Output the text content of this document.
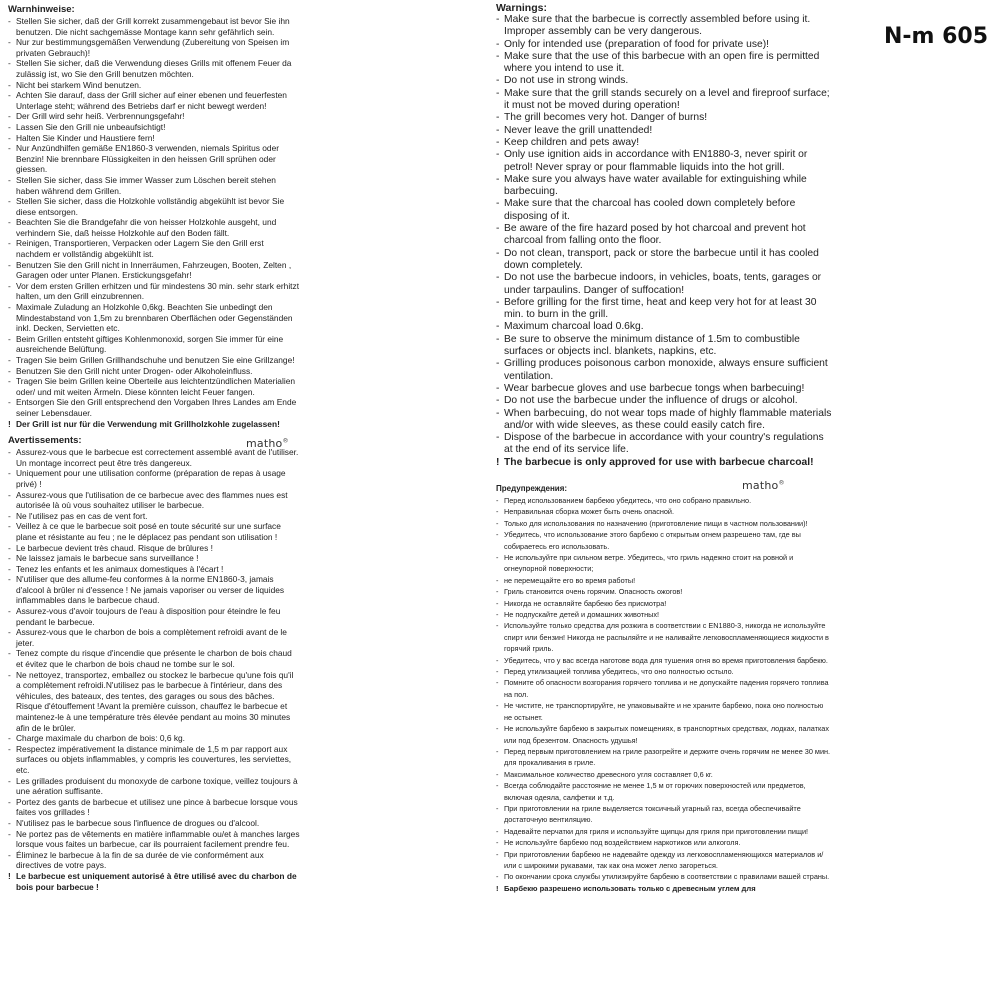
N-m 605

Warnhinweise:

- Stellen Sie sicher, daß der Grill korrekt zusammengebaut ist bevor Sie ihn benutzen. Die nicht sachgemässe Montage kann sehr gefährlich sein.
- Nur zur bestimmungsgemäßen Verwendung (Zubereitung von Speisen im privaten Gebrauch)!
- Stellen Sie sicher, daß die Verwendung dieses Grills mit offenem Feuer da zulässig ist, wo Sie den Grill benutzen möchten.
- Nicht bei starkem Wind benutzen.
- Achten Sie darauf, dass der Grill sicher auf einer ebenen und feuerfesten Unterlage steht; während des Betriebs darf er nicht bewegt werden!
- Der Grill wird sehr heiß. Verbrennungsgefahr!
- Lassen Sie den Grill nie unbeaufsichtigt!
- Halten Sie Kinder und Haustiere fern!
- Nur Anzündhilfen gemäße EN1860-3 verwenden, niemals Spiritus oder Benzin! Nie brennbare Flüssigkeiten in den heissen Grill sprühen oder giessen.
- Stellen Sie sicher, dass Sie immer Wasser zum Löschen bereit stehen haben während dem Grillen.
- Stellen Sie sicher, dass die Holzkohle vollständig abgekühlt ist bevor Sie diese entsorgen.
- Beachten Sie die Brandgefahr die von heisser Holzkohle ausgeht, und verhindern Sie, daß heisse Holzkohle auf den Boden fällt.
- Reinigen, Transportieren, Verpacken oder Lagern Sie den Grill erst nachdem er vollständig abgekühlt ist.
- Benutzen Sie den Grill nicht in Innerräumen, Fahrzeugen, Booten, Zelten , Garagen oder unter Planen. Erstickungsgefahr!
- Vor dem ersten Grillen erhitzen und für mindestens 30 min. sehr stark erhitzt halten, um den Grill einzubrennen.
- Maximale Zuladung an Holzkohle 0,6kg. Beachten Sie unbedingt den Mindestabstand von 1,5m zu brennbaren Oberflächen oder Gegenständen inkl. Decken, Servietten etc.
- Beim Grillen entsteht giftiges Kohlenmonoxid, sorgen Sie immer für eine ausreichende Belüftung.
- Tragen Sie beim Grillen Grillhandschuhe und benutzen Sie eine Grillzange!
- Benutzen Sie den Grill nicht unter Drogen- oder Alkoholeinfluss.
- Tragen Sie beim Grillen keine Oberteile aus leichtentzündlichen Materialien oder/ und mit weiten Ärmeln. Diese könnten leicht Feuer fangen.
- Entsorgen Sie den Grill entsprechend den Vorgaben Ihres Landes am Ende seiner Lebensdauer.
! Der Grill ist nur für die Verwendung mit Grillholzkohle zugelassen!

Avertissements:	matho®
- Assurez-vous que le barbecue est correctement assemblé avant de l'utiliser. Un montage incorrect peut être très dangereux.
- Uniquement pour une utilisation conforme (préparation de repas à usage privé) !
- Assurez-vous que l'utilisation de ce barbecue avec des flammes nues est autorisée là où vous souhaitez utiliser le barbecue.
- Ne l'utilisez pas en cas de vent fort.
- Veillez à ce que le barbecue soit posé en toute sécurité sur une surface plane et résistante au feu ; ne le déplacez pas pendant son utilisation !
- Le barbecue devient très chaud. Risque de brûlures !
- Ne laissez jamais le barbecue sans surveillance !
- Tenez les enfants et les animaux domestiques à l'écart !
- N'utiliser que des allume-feu conformes à la norme EN1860-3, jamais d'alcool à brûler ni d'essence ! Ne jamais vaporiser ou verser de liquides inflammables dans le barbecue chaud.
- Assurez-vous d'avoir toujours de l'eau à disposition pour éteindre le feu pendant le barbecue.
- Assurez-vous que le charbon de bois a complètement refroidi avant de le jeter.
- Tenez compte du risque d'incendie que présente le charbon de bois chaud et évitez que le charbon de bois chaud ne tombe sur le sol.
- Ne nettoyez, transportez, emballez ou stockez le barbecue qu'une fois qu'il a complètement refroidi.N'utilisez pas le barbecue à l'intérieur, dans des véhicules, des bateaux, des tentes, des garages ou sous des bâches. Risque d'étouffement !Avant la première cuisson, chauffez le barbecue et maintenez-le à une température très élevée pendant au moins 30 minutes afin de le brûler.
- Charge maximale du charbon de bois: 0,6 kg.
- Respectez impérativement la distance minimale de 1,5 m par rapport aux surfaces ou objets inflammables, y compris les couvertures, les serviettes, etc.
- Les grillades produisent du monoxyde de carbone toxique, veillez toujours à une aération suffisante.
- Portez des gants de barbecue et utilisez une pince à barbecue lorsque vous faites vos grillades !
- N'utilisez pas le barbecue sous l'influence de drogues ou d'alcool.
- Ne portez pas de vêtements en matière inflammable ou/et à manches larges lorsque vous faites un barbecue, car ils pourraient facilement prendre feu.
- Éliminez le barbecue à la fin de sa durée de vie conformément aux directives de votre pays.
! Le barbecue est uniquement autorisé à être utilisé avec du charbon de bois pour barbecue !

Warnings:

- Make sure that the barbecue is correctly assembled before using it. Improper assembly can be very dangerous.
- Only for intended use (preparation of food for private use)!
- Make sure that the use of this barbecue with an open fire is permitted where you intend to use it.
- Do not use in strong winds.
- Make sure that the grill stands securely on a level and fireproof surface; it must not be moved during operation!
- The grill becomes very hot. Danger of burns!
- Never leave the grill unattended!
- Keep children and pets away!
- Only use ignition aids in accordance with EN1880-3, never spirit or petrol! Never spray or pour flammable liquids into the hot grill.
- Make sure you always have water available for extinguishing while barbecuing.
- Make sure that the charcoal has cooled down completely before disposing of it.
- Be aware of the fire hazard posed by hot charcoal and prevent hot charcoal from falling onto the floor.
- Do not clean, transport, pack or store the barbecue until it has cooled down completely.
- Do not use the barbecue indoors, in vehicles, boats, tents, garages or under tarpaulins. Danger of suffocation!
- Before grilling for the first time, heat and keep very hot for at least 30 min. to burn in the grill.
- Maximum charcoal load 0.6kg.
- Be sure to observe the minimum distance of 1.5m to combustible surfaces or objects incl. blankets, napkins, etc.
- Grilling produces poisonous carbon monoxide, always ensure sufficient ventilation.
- Wear barbecue gloves and use barbecue tongs when barbecuing!
- Do not use the barbecue under the influence of drugs or alcohol.
- When barbecuing, do not wear tops made of highly flammable materials and/or with wide sleeves, as these could easily catch fire.
- Dispose of the barbecue in accordance with your country's regulations at the end of its service life.
! The barbecue is only approved for use with barbecue charcoal!

Предупреждения:	matho®
- Перед использованием барбекю убедитесь, что оно собрано правильно.
- Неправильная сборка может быть очень опасной.
- Только для использования по назначению (приготовление пищи в частном пользовании)!
- Убедитесь, что использование этого барбекю с открытым огнем разрешено там, где вы собираетесь его использовать.
- Не используйте при сильном ветре. Убедитесь, что гриль надежно стоит на ровной и огнеупорной поверхности;
- не перемещайте его во время работы!
- Гриль становится очень горячим. Опасность ожогов!
- Никогда не оставляйте барбекю без присмотра!
- Не подпускайте детей и домашних животных!
- Используйте только средства для розжига в соответствии с EN1880-3, никогда не используйте спирт или бензин! Никогда не распыляйте и не наливайте легковоспламеняющиеся жидкости в горячий гриль.
- Убедитесь, что у вас всегда наготове вода для тушения огня во время приготовления барбекю.
- Перед утилизацией топлива убедитесь, что оно полностью остыло.
- Помните об опасности возгорания горячего топлива и не допускайте падения горячего топлива на пол.
- Не чистите, не транспортируйте, не упаковывайте и не храните барбекю, пока оно полностью не остынет.
- Не используйте барбекю в закрытых помещениях, в транспортных средствах, лодках, палатках или под брезентом. Опасность удушья!
- Перед первым приготовлением на гриле разогрейте и держите очень горячим не менее 30 мин. для прокаливания в гриле.
- Максимальное количество древесного угля составляет 0,6 кг.
- Всегда соблюдайте расстояние не менее 1,5 м от горючих поверхностей или предметов, включая одеяла, салфетки и т.д.
- При приготовлении на гриле выделяется токсичный угарный газ, всегда обеспечивайте достаточную вентиляцию.
- Надевайте перчатки для гриля и используйте щипцы для гриля при приготовлении пищи!
- Не используйте барбекю под воздействием наркотиков или алкоголя.
- При приготовлении барбекю не надевайте одежду из легковоспламеняющихся материалов и/или с широкими рукавами, так как она может легко загореться.
- По окончании срока службы утилизируйте барбекю в соответствии с правилами вашей страны.
! Барбекю разрешено использовать только с древесным углем для
